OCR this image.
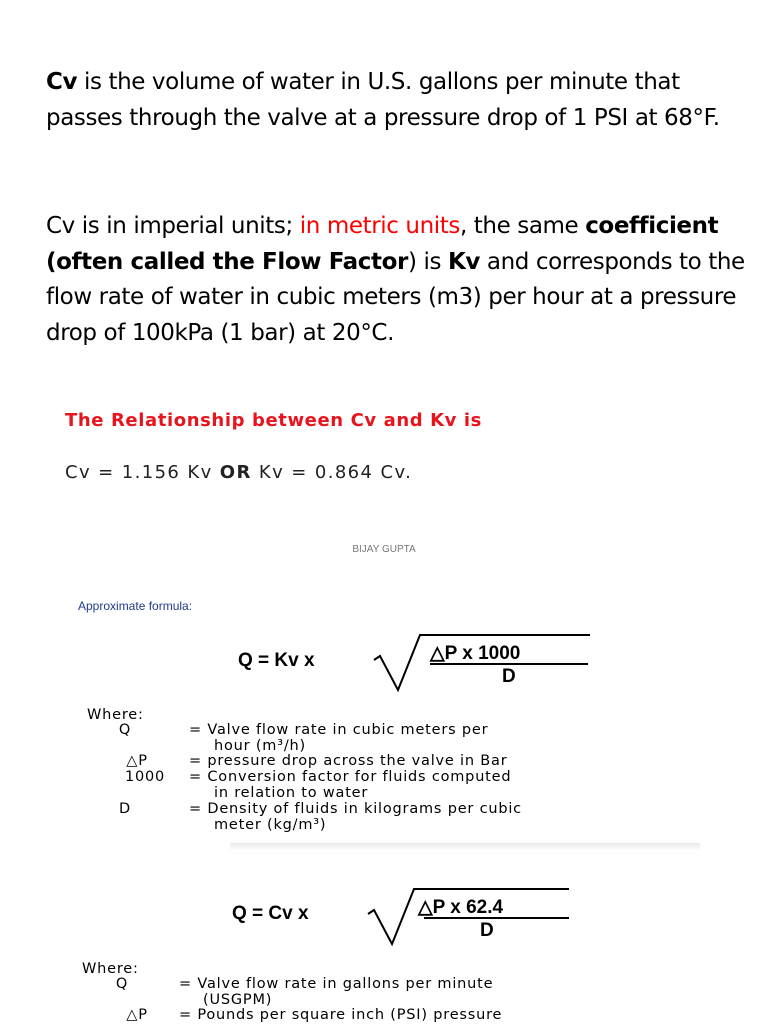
Cv is the volume of water in U.S. gallons per minute that passes through the valve at a pressure drop of 1 PSI at 68°F.

Cv is in imperial units; in metric units, the same coefficient (often called the Flow Factor) is Kv and corresponds to the flow rate of water in cubic meters (m3) per hour at a pressure drop of 100kPa (1 bar) at 20°C.

The Relationship between Cv and Kv is

Cv = 1.156 Kv OR Kv = 0.864 Cv.

BIJAY GUPTA

Approximate formula:

Q = Kv x	△P x 1000

D

Where:

Q	= Valve flow rate in cubic meters per
hour (m³/h)
△P	= pressure drop across the valve in Bar
1000	= Conversion factor for fluids computed
in relation to water
D	= Density of fluids in kilograms per cubic
meter (kg/m³)

Q = Cv x	△P x 62.4

D

Where:

Q	= Valve flow rate in gallons per minute
(USGPM)
△P	= Pounds per square inch (PSI) pressure
